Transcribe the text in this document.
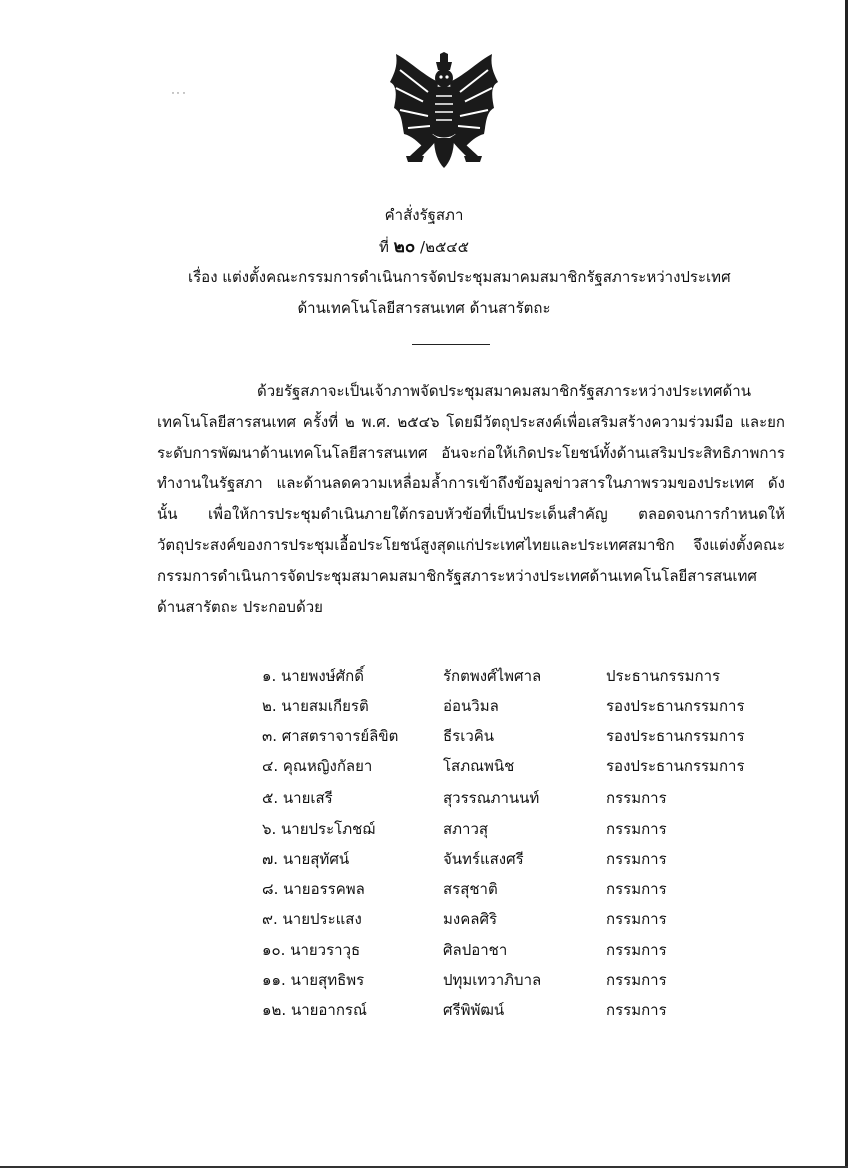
คำสั่งรัฐสภา
ที่ ๒๐ /๒๕๔๕
เรื่อง แต่งตั้งคณะกรรมการดำเนินการจัดประชุมสมาคมสมาชิกรัฐสภาระหว่างประเทศ
ด้านเทคโนโลยีสารสนเทศ ด้านสารัตถะ
ด้วยรัฐสภาจะเป็นเจ้าภาพจัดประชุมสมาคมสมาชิกรัฐสภาระหว่างประเทศด้านเทคโนโลยีสารสนเทศ ครั้งที่ ๒ พ.ศ. ๒๕๔๖ โดยมีวัตถุประสงค์เพื่อเสริมสร้างความร่วมมือ และยกระดับการพัฒนาด้านเทคโนโลยีสารสนเทศ อันจะก่อให้เกิดประโยชน์ทั้งด้านเสริมประสิทธิภาพการทำงานในรัฐสภา และด้านลดความเหลื่อมล้ำการเข้าถึงข้อมูลข่าวสารในภาพรวมของประเทศ ดังนั้น เพื่อให้การประชุมดำเนินภายใต้กรอบหัวข้อที่เป็นประเด็นสำคัญ ตลอดจนการกำหนดให้วัตถุประสงค์ของการประชุมเอื้อประโยชน์สูงสุดแก่ประเทศไทยและประเทศสมาชิก จึงแต่งตั้งคณะกรรมการดำเนินการจัดประชุมสมาคมสมาชิกรัฐสภาระหว่างประเทศด้านเทคโนโลยีสารสนเทศ ด้านสารัตถะ ประกอบด้วย
๑. นายพงษ์ศักดิ์	รักตพงศ์ไพศาล	ประธานกรรมการ
๒. นายสมเกียรติ	อ่อนวิมล	รองประธานกรรมการ
๓. ศาสตราจารย์ลิขิต	ธีรเวคิน	รองประธานกรรมการ
๔. คุณหญิงกัลยา	โสภณพนิช	รองประธานกรรมการ
๕. นายเสรี	สุวรรณภานนท์	กรรมการ
๖. นายประโภชฌ์	สภาวสุ	กรรมการ
๗. นายสุทัศน์	จันทร์แสงศรี	กรรมการ
๘. นายอรรคพล	สรสุชาติ	กรรมการ
๙. นายประแสง	มงคลศิริ	กรรมการ
๑๐. นายวราวุธ	ศิลปอาชา	กรรมการ
๑๑. นายสุทธิพร	ปทุมเทวาภิบาล	กรรมการ
๑๒. นายอากรณ์	ศรีพิพัฒน์	กรรมการ
